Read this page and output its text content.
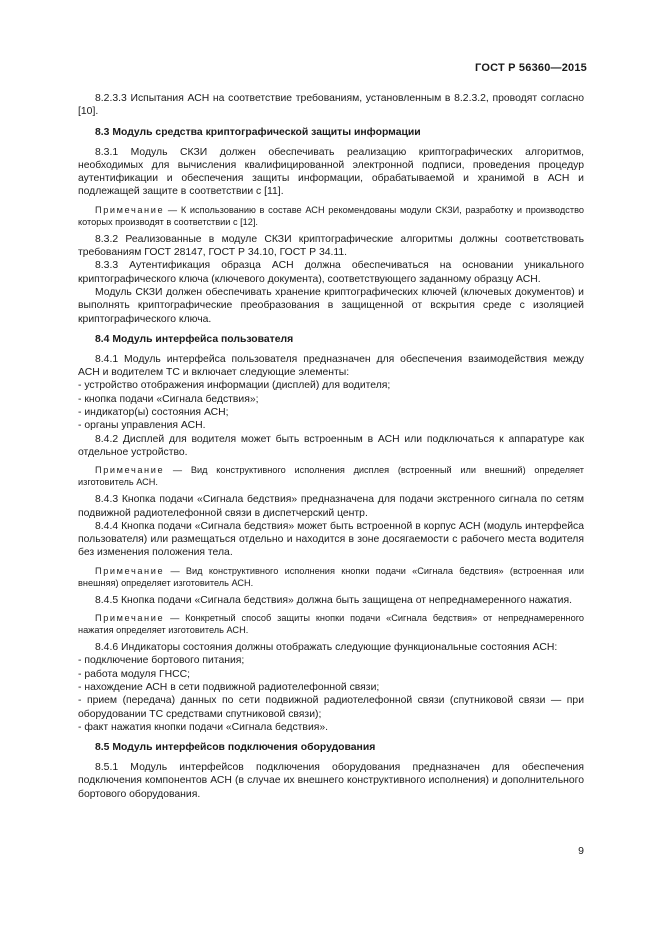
ГОСТ Р 56360—2015

8.2.3.3 Испытания АСН на соответствие требованиям, установленным в 8.2.3.2, проводят согласно [10].

8.3 Модуль средства криптографической защиты информации

8.3.1 Модуль СКЗИ должен обеспечивать реализацию криптографических алгоритмов, необходимых для вычисления квалифицированной электронной подписи, проведения процедур аутентификации и обеспечения защиты информации, обрабатываемой и хранимой в АСН и подлежащей защите в соответствии с [11].

Примечание — К использованию в составе АСН рекомендованы модули СКЗИ, разработку и производство которых производят в соответствии с [12].

8.3.2 Реализованные в модуле СКЗИ криптографические алгоритмы должны соответствовать требованиям ГОСТ 28147, ГОСТ Р 34.10, ГОСТ Р 34.11.

8.3.3 Аутентификация образца АСН должна обеспечиваться на основании уникального криптографического ключа (ключевого документа), соответствующего заданному образцу АСН.

Модуль СКЗИ должен обеспечивать хранение криптографических ключей (ключевых документов) и выполнять криптографические преобразования в защищенной от вскрытия среде с изоляцией криптографического ключа.

8.4 Модуль интерфейса пользователя

8.4.1 Модуль интерфейса пользователя предназначен для обеспечения взаимодействия между АСН и водителем ТС и включает следующие элементы:

- устройство отображения информации (дисплей) для водителя;

- кнопка подачи «Сигнала бедствия»;

- индикатор(ы) состояния АСН;

- органы управления АСН.

8.4.2 Дисплей для водителя может быть встроенным в АСН или подключаться к аппаратуре как отдельное устройство.

Примечание — Вид конструктивного исполнения дисплея (встроенный или внешний) определяет изготовитель АСН.

8.4.3 Кнопка подачи «Сигнала бедствия» предназначена для подачи экстренного сигнала по сетям подвижной радиотелефонной связи в диспетчерский центр.

8.4.4 Кнопка подачи «Сигнала бедствия» может быть встроенной в корпус АСН (модуль интерфейса пользователя) или размещаться отдельно и находится в зоне досягаемости с рабочего места водителя без изменения положения тела.

Примечание — Вид конструктивного исполнения кнопки подачи «Сигнала бедствия» (встроенная или внешняя) определяет изготовитель АСН.

8.4.5 Кнопка подачи «Сигнала бедствия» должна быть защищена от непреднамеренного нажатия.

Примечание — Конкретный способ защиты кнопки подачи «Сигнала бедствия» от непреднамеренного нажатия определяет изготовитель АСН.

8.4.6 Индикаторы состояния должны отображать следующие функциональные состояния АСН:

- подключение бортового питания;

- работа модуля ГНСС;

- нахождение АСН в сети подвижной радиотелефонной связи;

- прием (передача) данных по сети подвижной радиотелефонной связи (спутниковой связи — при оборудовании ТС средствами спутниковой связи);

- факт нажатия кнопки подачи «Сигнала бедствия».

8.5 Модуль интерфейсов подключения оборудования

8.5.1 Модуль интерфейсов подключения оборудования предназначен для обеспечения подключения компонентов АСН (в случае их внешнего конструктивного исполнения) и дополнительного бортового оборудования.

9
